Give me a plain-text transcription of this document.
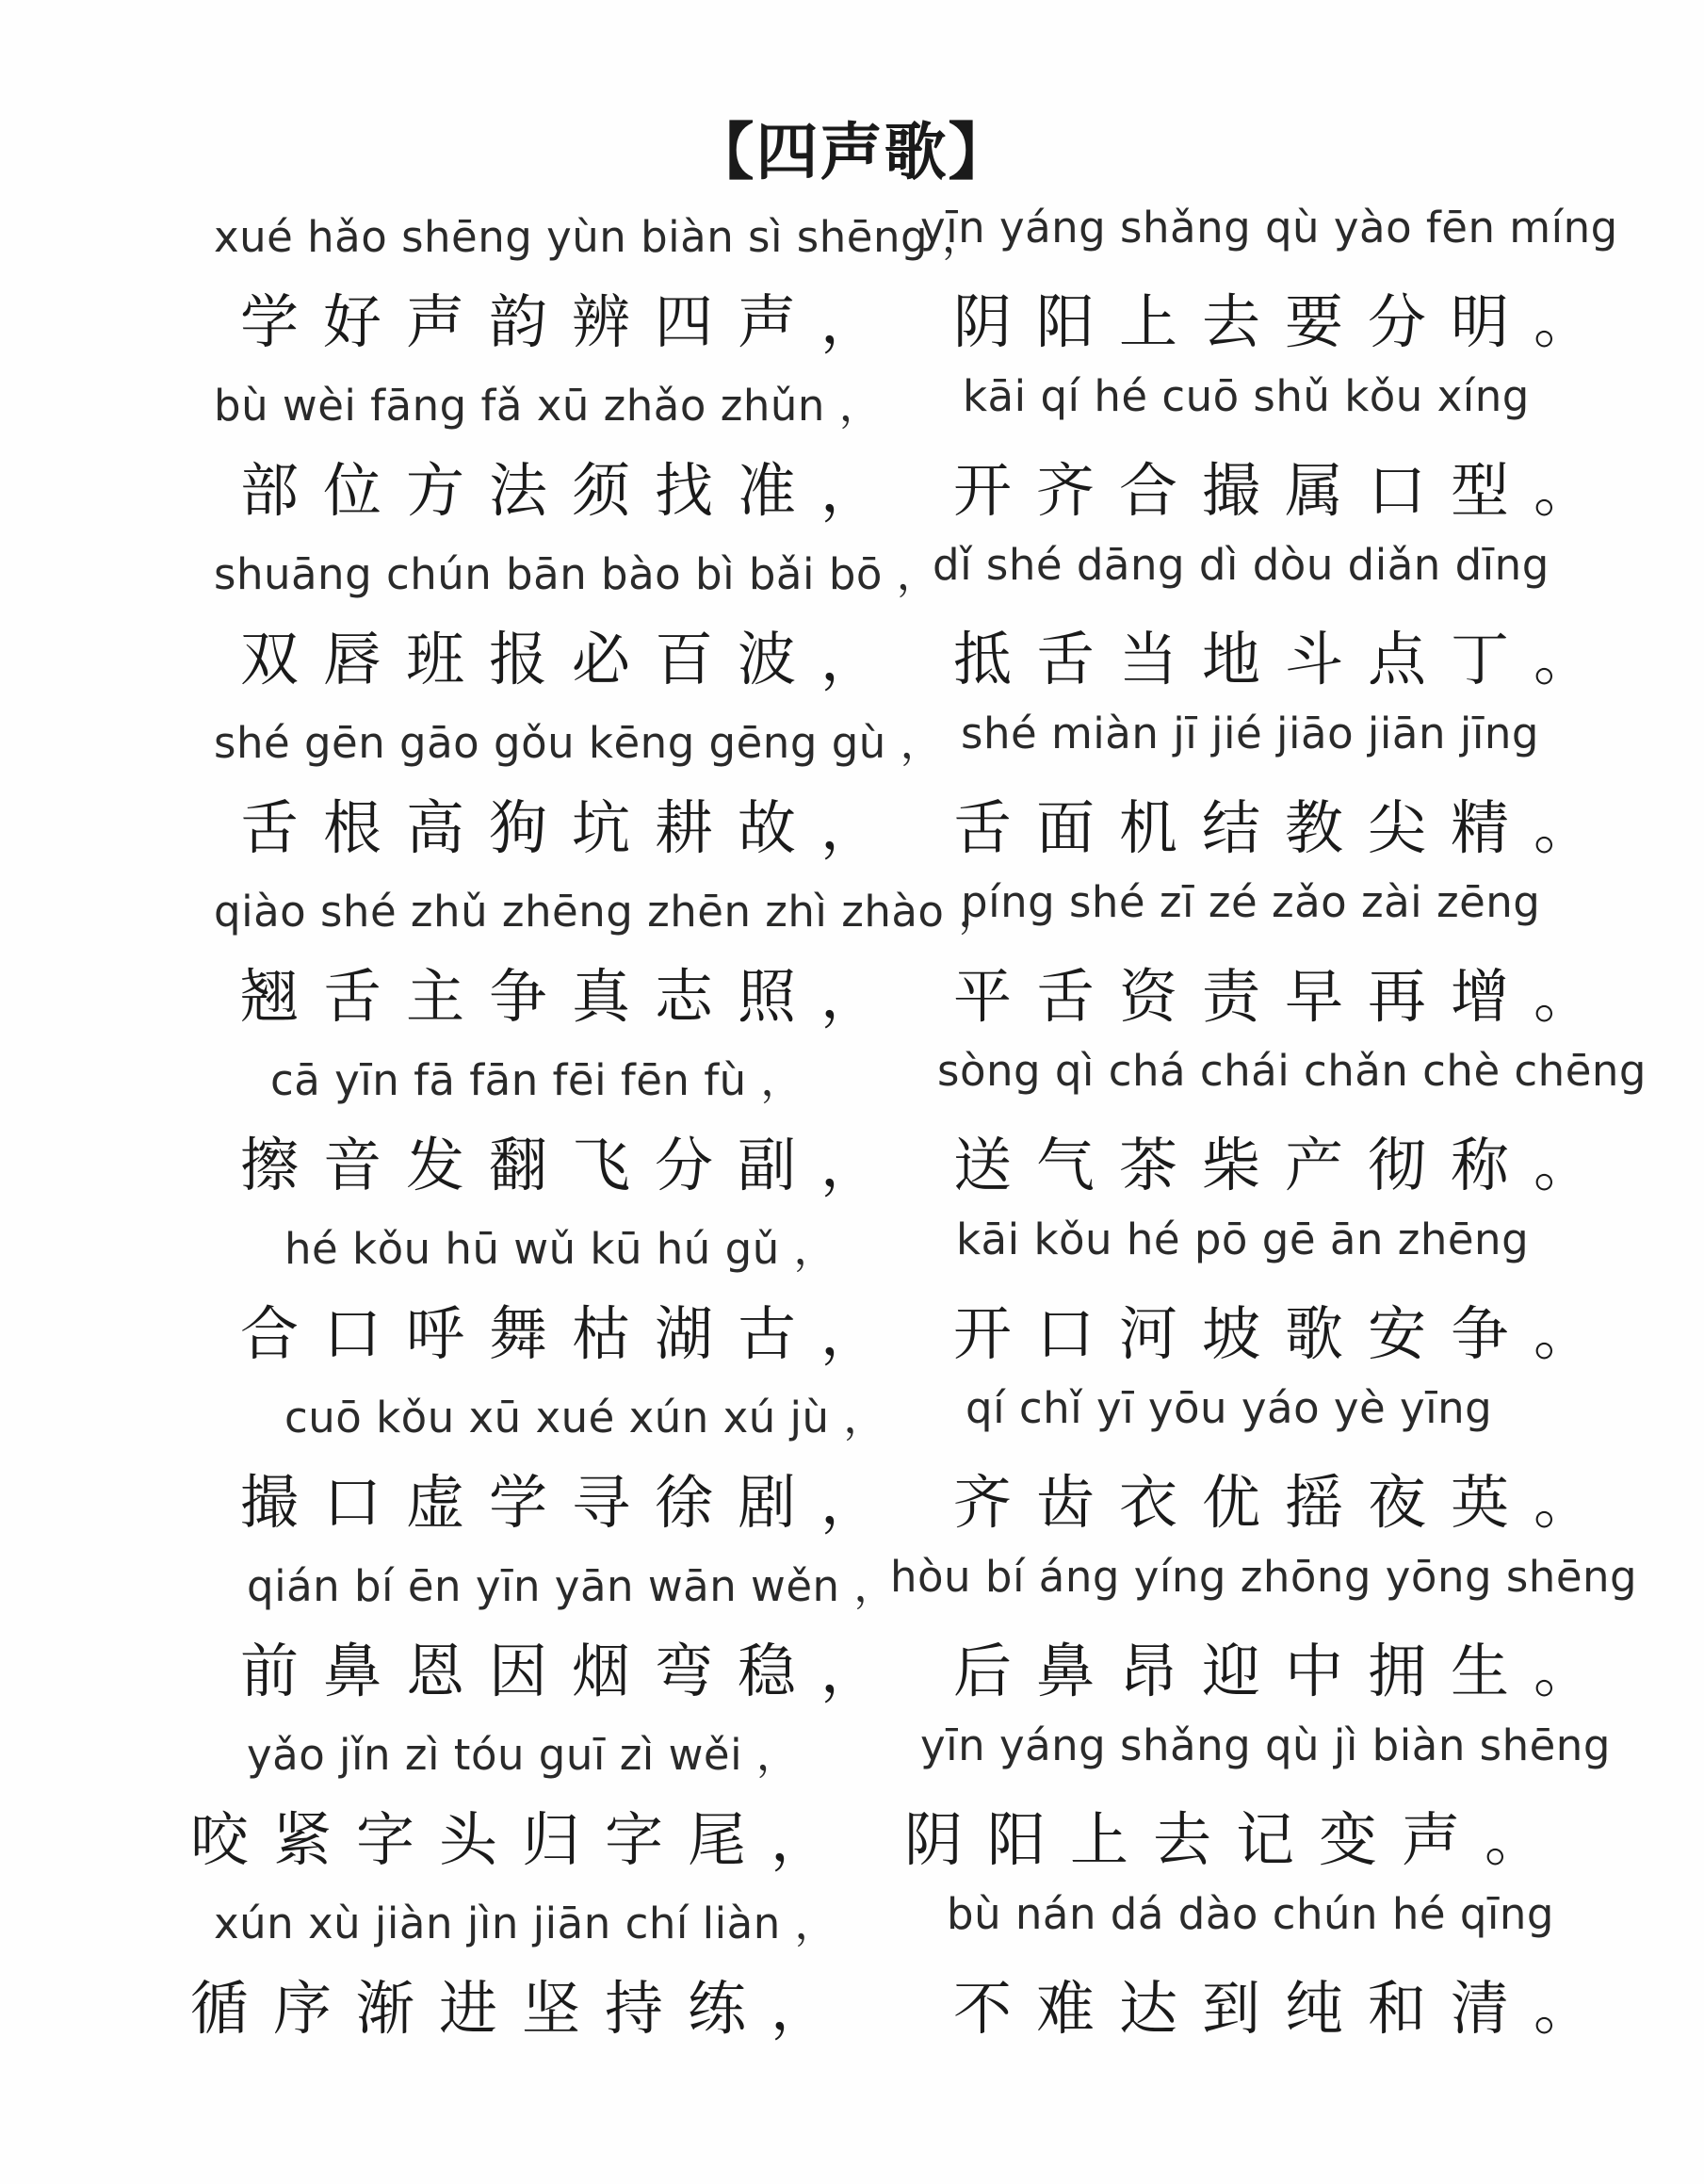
【四声歌】
xué hǎo shēng yùn biàn sì shēng ，
学好声韵辨四声，
bù wèi fāng fǎ xū zhǎo zhǔn ，
部位方法须找准，
shuāng chún bān bào bì bǎi bō ，
双唇班报必百波，
shé gēn gāo gǒu kēng gēng gù ，
舌根高狗坑耕故，
qiào shé zhǔ zhēng zhēn zhì zhào ，
翘舌主争真志照，
cā yīn fā fān fēi fēn fù ，
擦音发翻飞分副，
hé kǒu hū wǔ kū hú gǔ ，
合口呼舞枯湖古，
cuō kǒu xū xué xún xú jù ，
撮口虚学寻徐剧，
qián bí ēn yīn yān wān wěn ，
前鼻恩因烟弯稳，
yǎo jǐn zì tóu guī zì wěi ，
咬紧字头归字尾，
xún xù jiàn jìn jiān chí liàn ，
循序渐进坚持练，
yīn yáng shǎng qù yào fēn míng
阴阳上去要分明。
kāi qí hé cuō shǔ kǒu xíng
开齐合撮属口型。
dǐ shé dāng dì dòu diǎn dīng
抵舌当地斗点丁。
shé miàn jī jié jiāo jiān jīng
舌面机结教尖精。
píng shé zī zé zǎo zài zēng
平舌资责早再增。
sòng qì chá chái chǎn chè chēng
送气茶柴产彻称。
kāi kǒu hé pō gē ān zhēng
开口河坡歌安争。
qí chǐ yī yōu yáo yè yīng
齐齿衣优摇夜英。
hòu bí áng yíng zhōng yōng shēng
后鼻昂迎中拥生。
yīn yáng shǎng qù jì biàn shēng
阴阳上去记变声。
bù nán dá dào chún hé qīng
不难达到纯和清。
